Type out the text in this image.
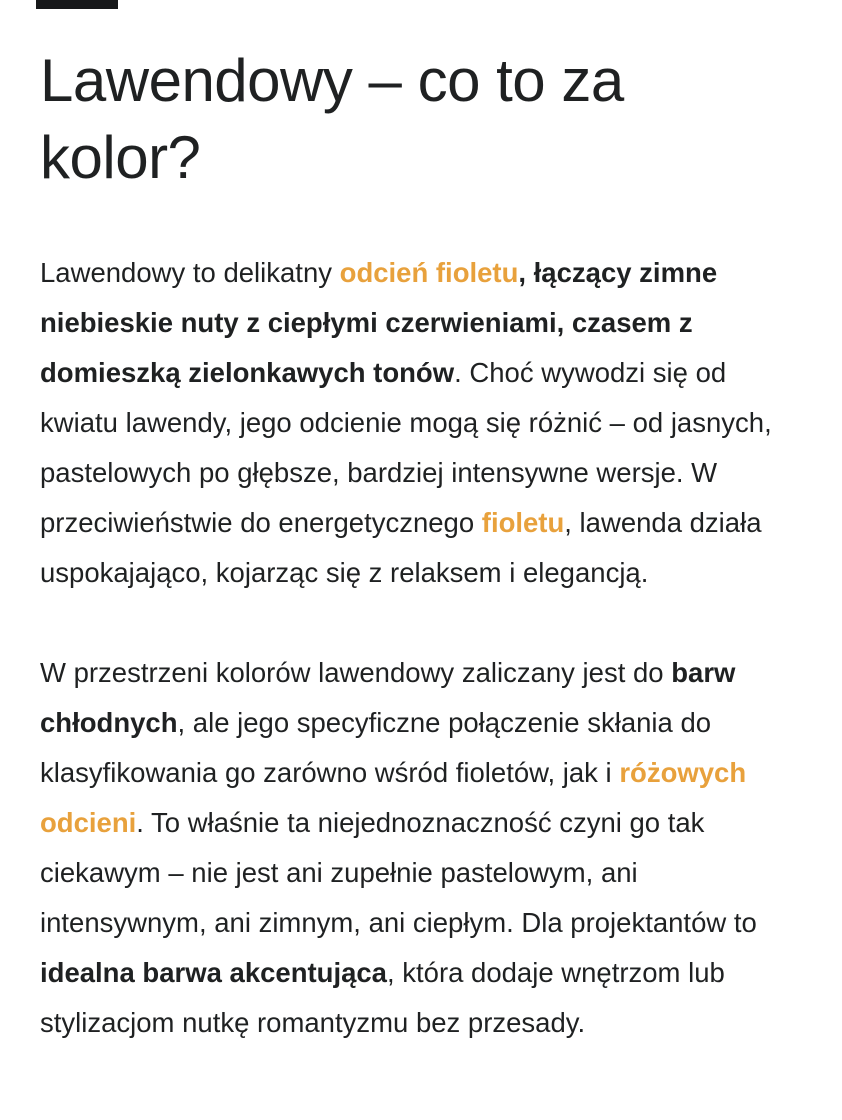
Lawendowy – co to za kolor?

Lawendowy to delikatny odcień fioletu, łączący zimne niebieskie nuty z ciepłymi czerwieniami, czasem z domieszką zielonkawych tonów. Choć wywodzi się od kwiatu lawendy, jego odcienie mogą się różnić – od jasnych, pastelowych po głębsze, bardziej intensywne wersje. W przeciwieństwie do energetycznego fioletu, lawenda działa uspokajająco, kojarząc się z relaksem i elegancją.

W przestrzeni kolorów lawendowy zaliczany jest do barw chłodnych, ale jego specyficzne połączenie skłania do klasyfikowania go zarówno wśród fioletów, jak i różowych odcieni. To właśnie ta niejednoznaczność czyni go tak ciekawym – nie jest ani zupełnie pastelowym, ani intensywnym, ani zimnym, ani ciepłym. Dla projektantów to idealna barwa akcentująca, która dodaje wnętrzom lub stylizacjom nutkę romantyzmu bez przesady.
